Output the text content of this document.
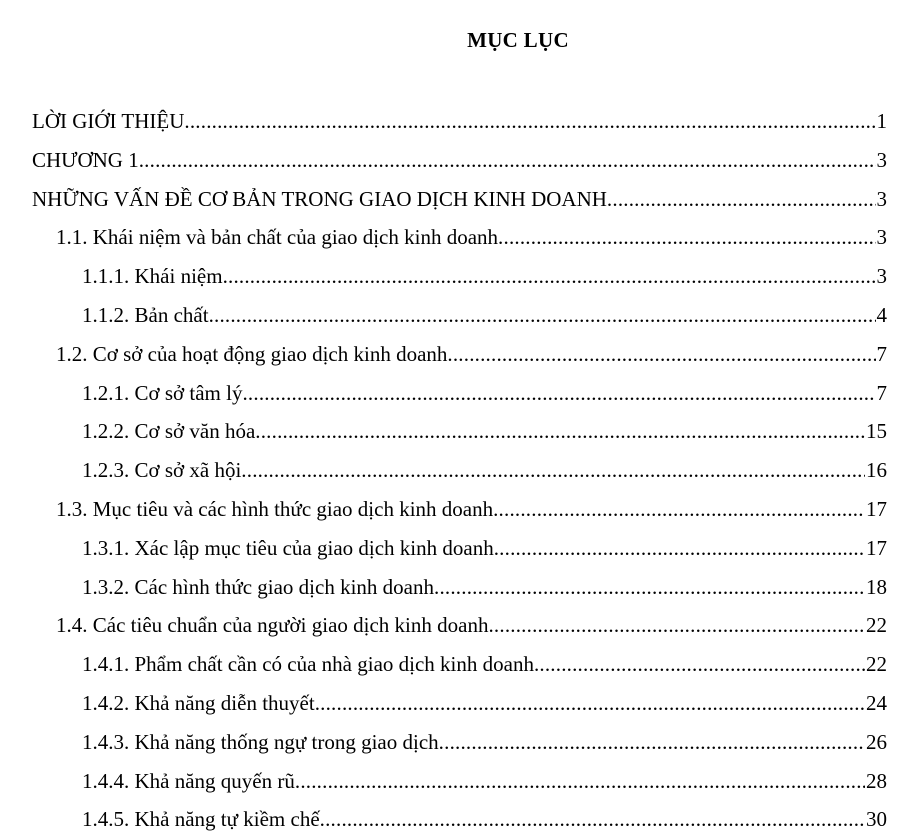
MỤC LỤC
LỜI GIỚI THIỆU .....	1
CHƯƠNG 1 .....	3
NHỮNG VẤN ĐỀ CƠ BẢN TRONG GIAO DỊCH KINH DOANH .....	3
1.1. Khái niệm và bản chất của giao dịch kinh doanh .....	3
1.1.1. Khái niệm .....	3
1.1.2. Bản chất .....	4
1.2. Cơ sở của hoạt động giao dịch kinh doanh .....	7
1.2.1. Cơ sở tâm lý .....	7
1.2.2. Cơ sở văn hóa .....	15
1.2.3. Cơ sở xã hội .....	16
1.3. Mục tiêu và các hình thức giao dịch kinh doanh .....	17
1.3.1. Xác lập mục tiêu của giao dịch kinh doanh .....	17
1.3.2. Các hình thức giao dịch kinh doanh .....	18
1.4. Các tiêu chuẩn của người giao dịch kinh doanh .....	22
1.4.1. Phẩm chất cần có của nhà giao dịch kinh doanh .....	22
1.4.2. Khả năng diễn thuyết .....	24
1.4.3. Khả năng thống ngự trong giao dịch .....	26
1.4.4. Khả năng quyến rũ .....	28
1.4.5. Khả năng tự kiềm chế .....	30
